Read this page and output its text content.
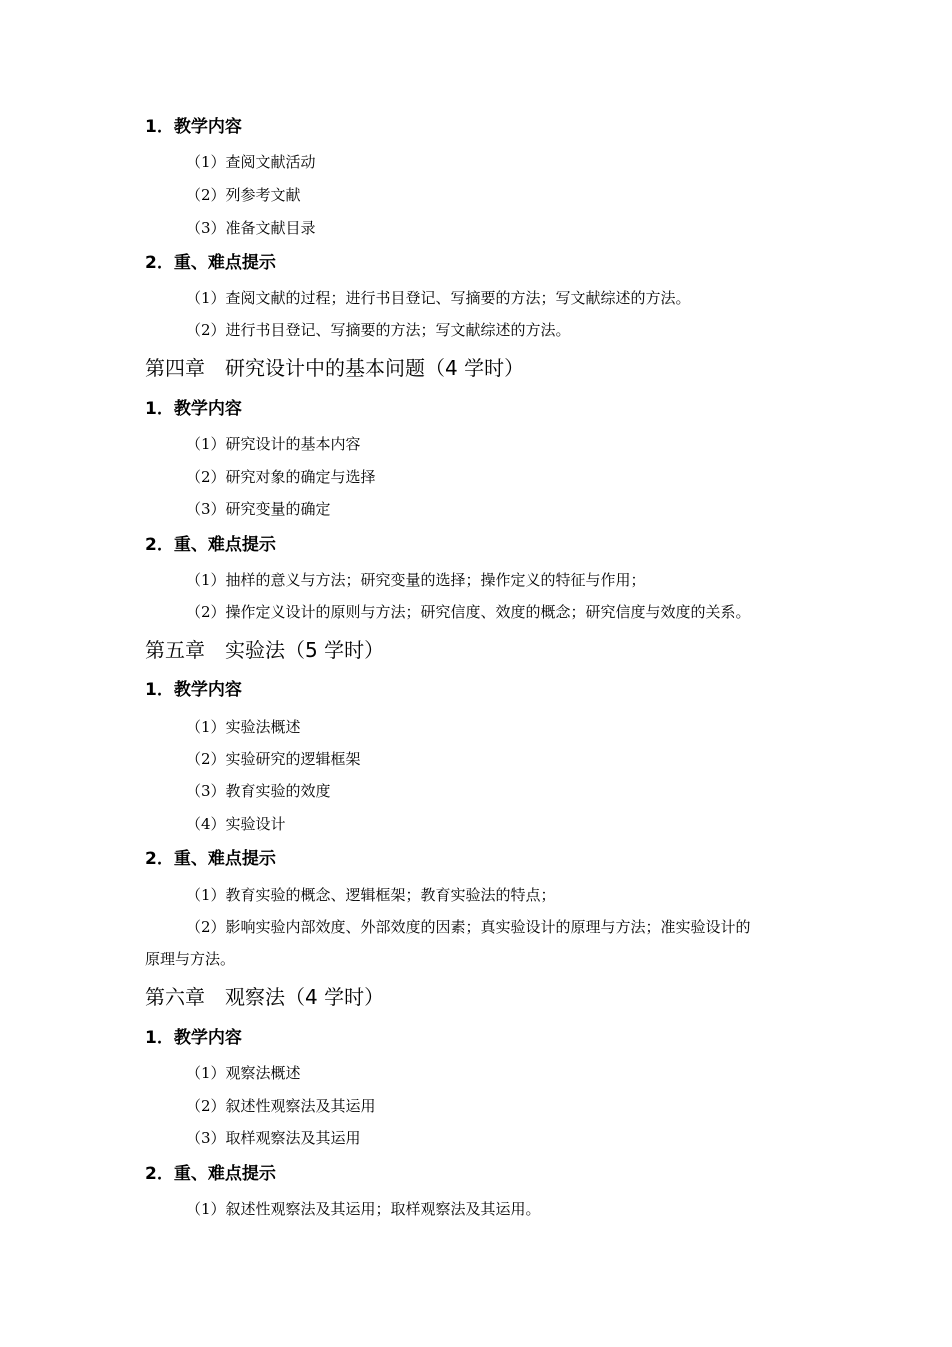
1．教学内容
（1）查阅文献活动
（2）列参考文献
（3）准备文献目录
2．重、难点提示
（1）查阅文献的过程；进行书目登记、写摘要的方法；写文献综述的方法。
（2）进行书目登记、写摘要的方法；写文献综述的方法。
第四章　研究设计中的基本问题（4 学时）
1．教学内容
（1）研究设计的基本内容
（2）研究对象的确定与选择
（3）研究变量的确定
2．重、难点提示
（1）抽样的意义与方法；研究变量的选择；操作定义的特征与作用；
（2）操作定义设计的原则与方法；研究信度、效度的概念；研究信度与效度的关系。
第五章　实验法（5 学时）
1．教学内容
（1）实验法概述
（2）实验研究的逻辑框架
（3）教育实验的效度
（4）实验设计
2．重、难点提示
（1）教育实验的概念、逻辑框架；教育实验法的特点；
（2）影响实验内部效度、外部效度的因素；真实验设计的原理与方法；准实验设计的
原理与方法。
第六章　观察法（4 学时）
1．教学内容
（1）观察法概述
（2）叙述性观察法及其运用
（3）取样观察法及其运用
2．重、难点提示
（1）叙述性观察法及其运用；取样观察法及其运用。
